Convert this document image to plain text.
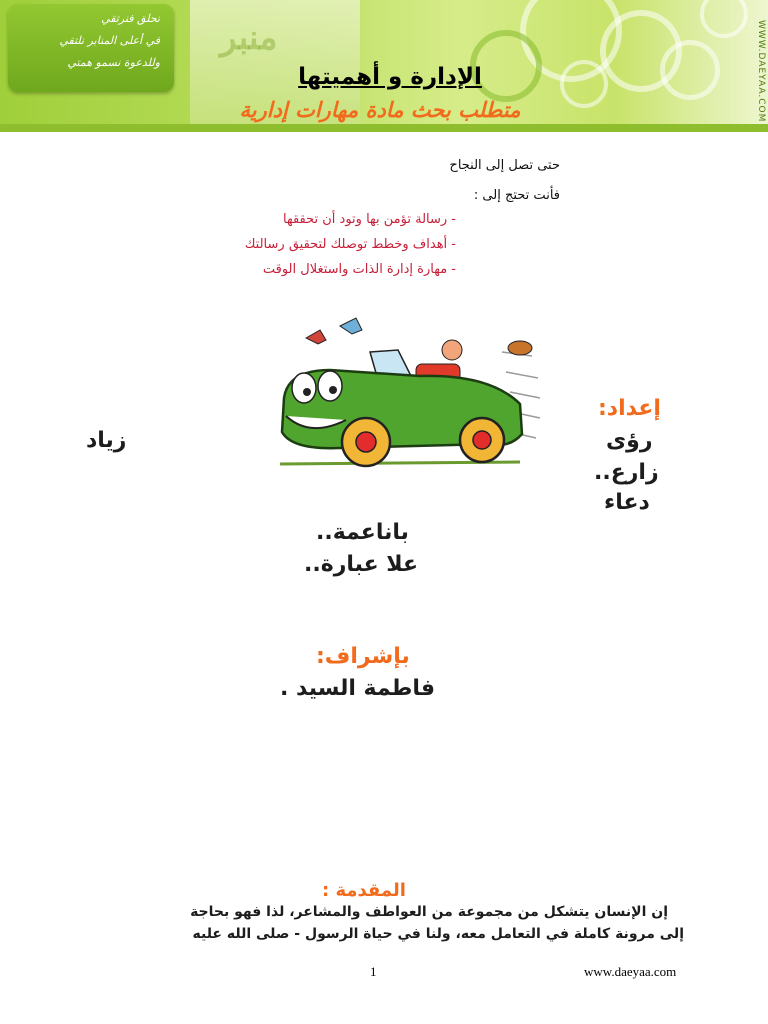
منبر
نحلق فنرتقي
في أعلى المنابر نلتقي
وللدعوة نسمو همتي	WWW.DAEYAA.COM
الإدارة و أهميتها
متطلب بحث مادة مهارات إدارية
حتى تصل إلى النجاح
فأنت تحتج إلى :
- رسالة تؤمن بها وتود أن تحققها
- أهداف وخطط توصلك لتحقيق رسالتك
- مهارة إدارة الذات واستغلال الوقت
إعداد:
رؤى
زارع..
دعاء
زياد
باناعمة..
علا عبارة..
بإشراف:
فاطمة السيد .
المقدمة :
إن الإنسان يتشكل من مجموعة من العواطف والمشاعر، لذا فهو بحاجة
إلى مرونة كاملة في التعامل معه، ولنا في حياة الرسول - صلى الله عليه
1	www.daeyaa.com
